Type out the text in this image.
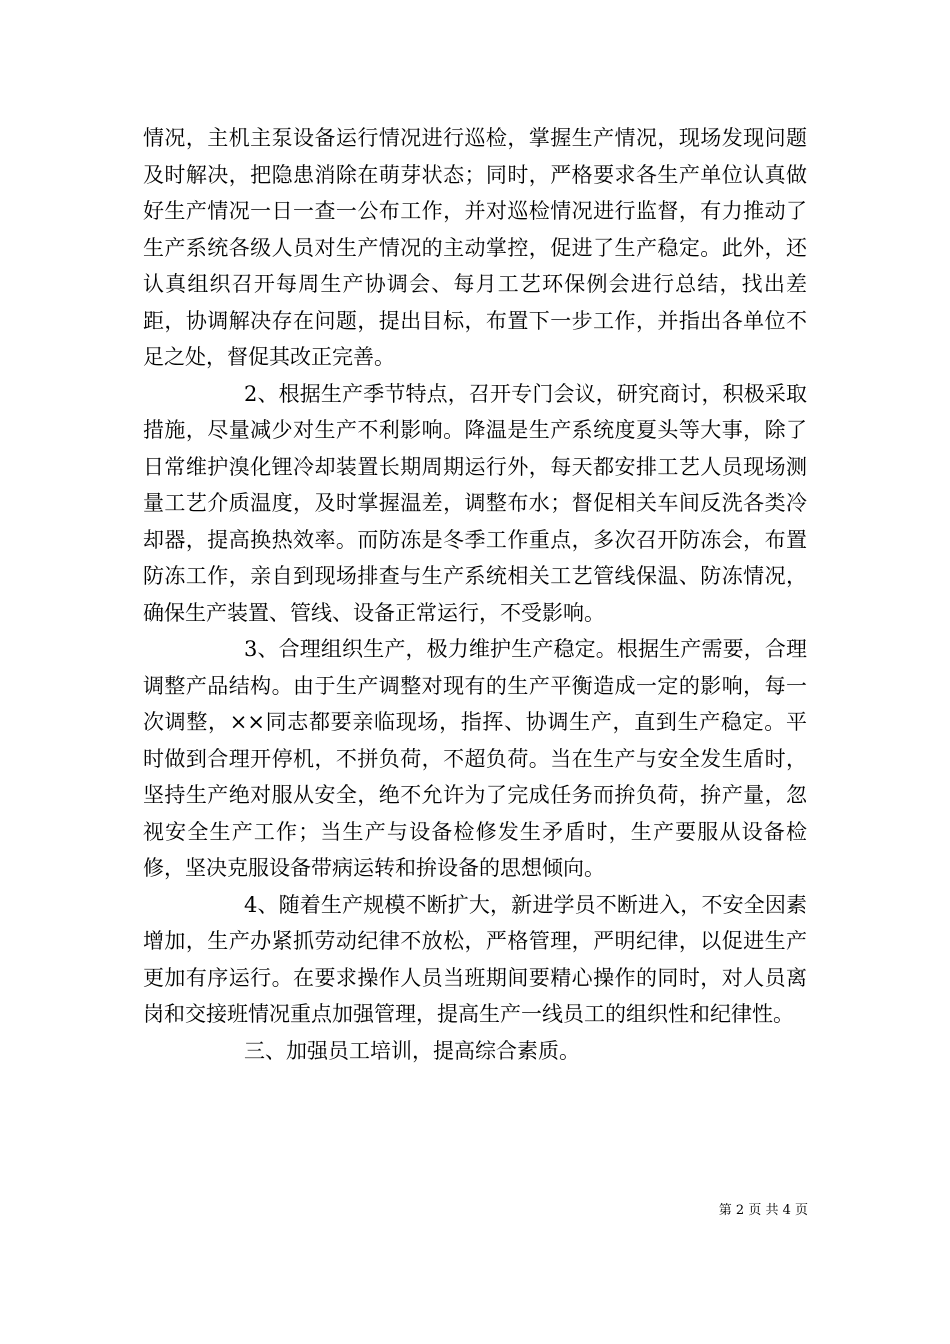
情况，主机主泵设备运行情况进行巡检，掌握生产情况，现场发现问题及时解决，把隐患消除在萌芽状态；同时，严格要求各生产单位认真做好生产情况一日一查一公布工作，并对巡检情况进行监督，有力推动了生产系统各级人员对生产情况的主动掌控，促进了生产稳定。此外，还认真组织召开每周生产协调会、每月工艺环保例会进行总结，找出差距，协调解决存在问题，提出目标，布置下一步工作，并指出各单位不足之处，督促其改正完善。

2、根据生产季节特点，召开专门会议，研究商讨，积极采取措施，尽量减少对生产不利影响。降温是生产系统度夏头等大事，除了日常维护溴化锂冷却装置长期周期运行外，每天都安排工艺人员现场测量工艺介质温度，及时掌握温差，调整布水；督促相关车间反洗各类冷却器，提高换热效率。而防冻是冬季工作重点，多次召开防冻会，布置防冻工作，亲自到现场排查与生产系统相关工艺管线保温、防冻情况，确保生产装置、管线、设备正常运行，不受影响。

3、合理组织生产，极力维护生产稳定。根据生产需要，合理调整产品结构。由于生产调整对现有的生产平衡造成一定的影响，每一次调整，××同志都要亲临现场，指挥、协调生产，直到生产稳定。平时做到合理开停机，不拼负荷，不超负荷。当在生产与安全发生盾时，坚持生产绝对服从安全，绝不允许为了完成任务而拚负荷，拚产量，忽视安全生产工作；当生产与设备检修发生矛盾时，生产要服从设备检修，坚决克服设备带病运转和拚设备的思想倾向。

4、随着生产规模不断扩大，新进学员不断进入，不安全因素增加，生产办紧抓劳动纪律不放松，严格管理，严明纪律，以促进生产更加有序运行。在要求操作人员当班期间要精心操作的同时，对人员离岗和交接班情况重点加强管理，提高生产一线员工的组织性和纪律性。

三、加强员工培训，提高综合素质。

第 2 页 共 4 页
